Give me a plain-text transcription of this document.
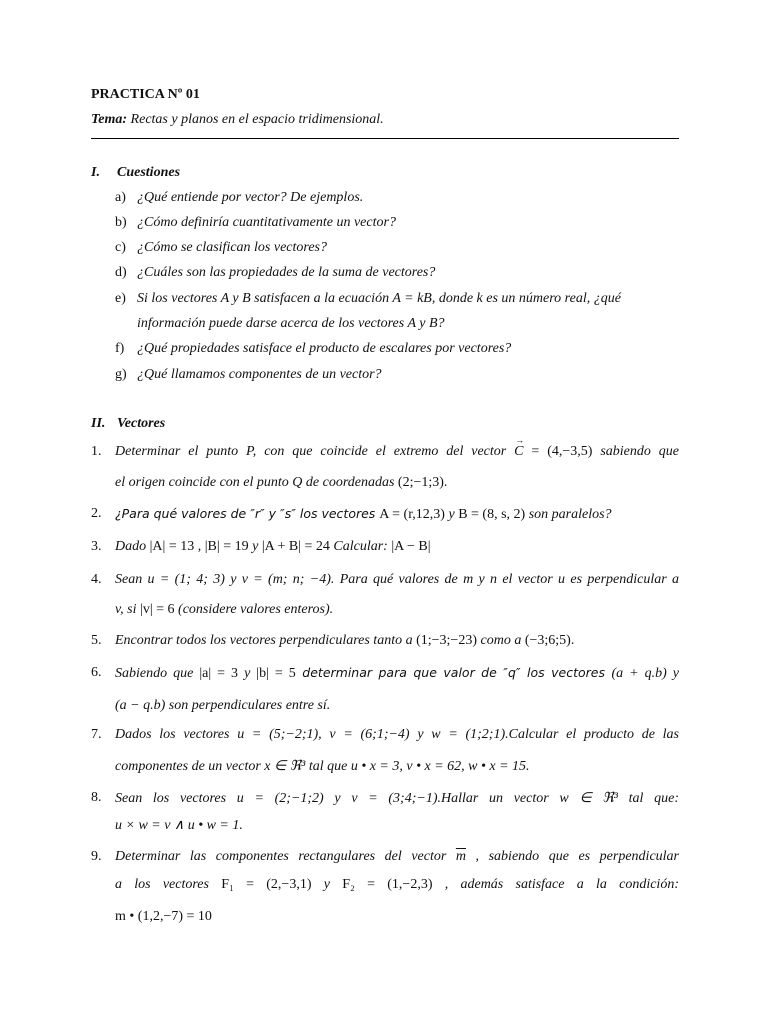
PRACTICA Nº 01
Tema: Rectas y planos en el espacio tridimensional.
I. Cuestiones
a) ¿Qué entiende por vector? De ejemplos.
b) ¿Cómo definiría cuantitativamente un vector?
c) ¿Cómo se clasifican los vectores?
d) ¿Cuáles son las propiedades de la suma de vectores?
e) Si los vectores A y B satisfacen a la ecuación A = kB, donde k es un número real, ¿qué
información puede darse acerca de los vectores A y B?
f) ¿Qué propiedades satisface el producto de escalares por vectores?
g) ¿Qué llamamos componentes de un vector?
II. Vectores
1. Determinar el punto P, con que coincide el extremo del vector → C = (4,−3,5) sabiendo que
el origen coincide con el punto Q de coordenadas (2;−1;3).
2.	¿Para qué valores de ″r″ y ″s″ los vectores A = (r,12,3) y B = (8, s, 2) son paralelos?
3. Dado |A| = 13 , |B| = 19 y |A + B| = 24 Calcular: |A − B|
4. Sean u = (1; 4; 3) y v = (m; n; −4). Para qué valores de m y n el vector u es perpendicular a
v, si |v| = 6 (considere valores enteros).
5. Encontrar todos los vectores perpendiculares tanto a (1;−3;−23) como a (−3;6;5).
6. Sabiendo que |a| = 3 y |b| = 5 determinar para que valor de ″q″ los vectores (a + q.b) y
(a − q.b) son perpendiculares entre sí.
7. Dados los vectores u = (5;−2;1), v = (6;1;−4) y w = (1;2;1).Calcular el producto de las
componentes de un vector x ∈ ℜ³ tal que u • x = 3, v • x = 62, w • x = 15.
8. Sean los vectores u = (2;−1;2) y v = (3;4;−1).Hallar un vector w ∈ ℜ³ tal que:
u × w = v ∧ u • w = 1.
9. Determinar las componentes rectangulares del vector $\overline{m}$ , sabiendo que es perpendicular
a los vectores F₁ = (2,−3,1) y F₂ = (1,−2,3) , además satisface a la condición:
m • (1,2,−7) = 10
